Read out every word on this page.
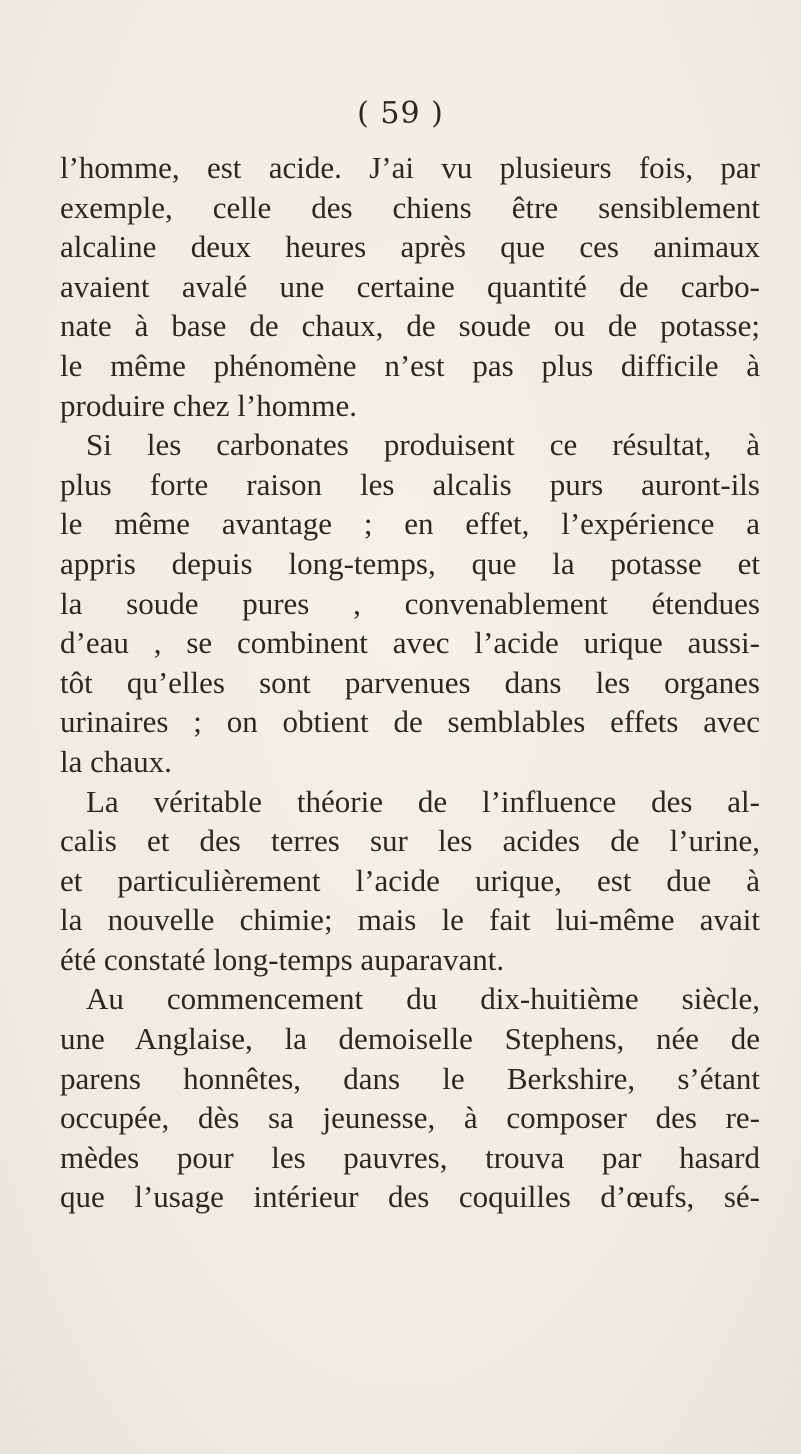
( 59 )

l’homme, est acide. J’ai vu plusieurs fois, par
exemple, celle des chiens être sensiblement
alcaline deux heures après que ces animaux
avaient avalé une certaine quantité de carbo-
nate à base de chaux, de soude ou de potasse;
le même phénomène n’est pas plus difficile à
produire chez l’homme.

Si les carbonates produisent ce résultat, à
plus forte raison les alcalis purs auront-ils
le même avantage ; en effet, l’expérience a
appris depuis long-temps, que la potasse et
la soude pures , convenablement étendues
d’eau , se combinent avec l’acide urique aussi-
tôt qu’elles sont parvenues dans les organes
urinaires ; on obtient de semblables effets avec
la chaux.

La véritable théorie de l’influence des al-
calis et des terres sur les acides de l’urine,
et particulièrement l’acide urique, est due à
la nouvelle chimie; mais le fait lui-même avait
été constaté long-temps auparavant.

Au commencement du dix-huitième siècle,
une Anglaise, la demoiselle Stephens, née de
parens honnêtes, dans le Berkshire, s’étant
occupée, dès sa jeunesse, à composer des re-
mèdes pour les pauvres, trouva par hasard
que l’usage intérieur des coquilles d’œufs, sé-
